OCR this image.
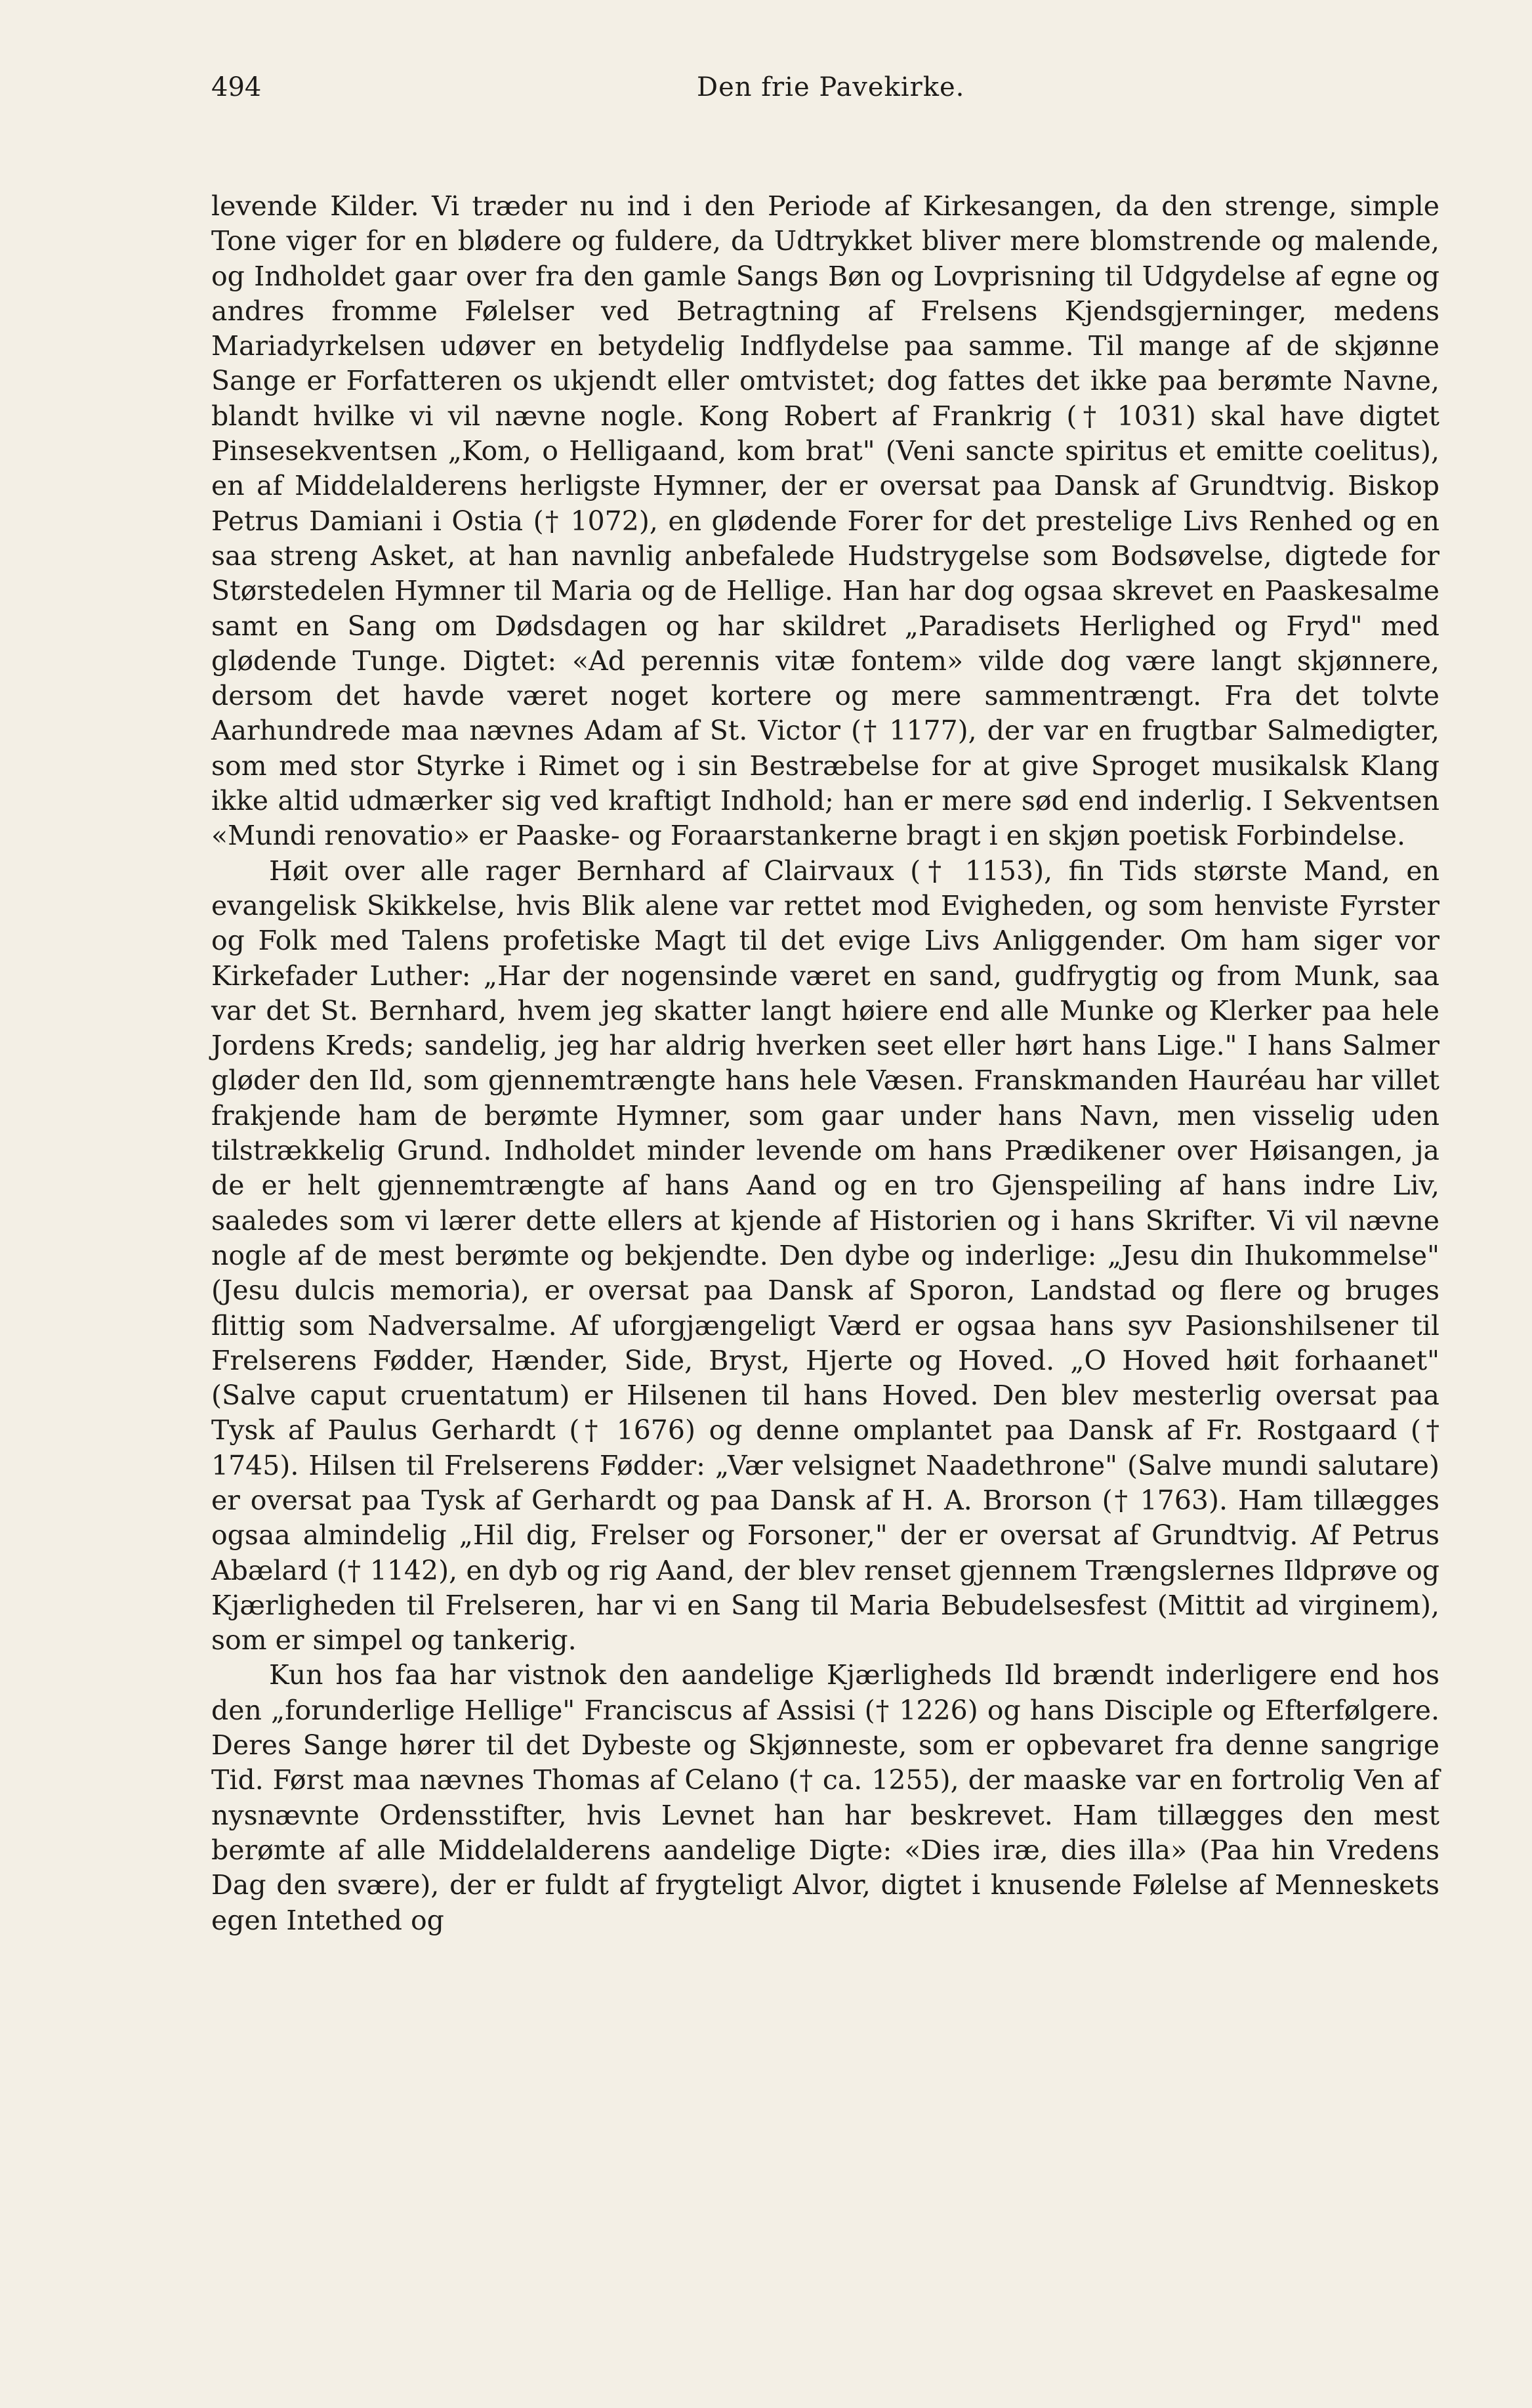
494	Den frie Pavekirke.

levende Kilder. Vi træder nu ind i den Periode af Kirkesangen, da den strenge, simple Tone viger for en blødere og fuldere, da Udtrykket bliver mere blomstrende og malende, og Indholdet gaar over fra den gamle Sangs Bøn og Lovprisning til Udgydelse af egne og andres fromme Følelser ved Betragtning af Frelsens Kjendsgjerninger, medens Mariadyrkelsen udøver en betydelig Indflydelse paa samme. Til mange af de skjønne Sange er Forfatteren os ukjendt eller omtvistet; dog fattes det ikke paa berømte Navne, blandt hvilke vi vil nævne nogle. Kong Robert af Frankrig († 1031) skal have digtet Pinsesekventsen „Kom, o Helligaand, kom brat" (Veni sancte spiritus et emitte coelitus), en af Middelalderens herligste Hymner, der er oversat paa Dansk af Grundtvig. Biskop Petrus Damiani i Ostia († 1072), en glødende Forer for det prestelige Livs Renhed og en saa streng Asket, at han navnlig anbefalede Hudstrygelse som Bodsøvelse, digtede for Størstedelen Hymner til Maria og de Hellige. Han har dog ogsaa skrevet en Paaskesalme samt en Sang om Dødsdagen og har skildret „Paradisets Herlighed og Fryd" med glødende Tunge. Digtet: «Ad perennis vitæ fontem» vilde dog være langt skjønnere, dersom det havde været noget kortere og mere sammentrængt. Fra det tolvte Aarhundrede maa nævnes Adam af St. Victor († 1177), der var en frugtbar Salmedigter, som med stor Styrke i Rimet og i sin Bestræbelse for at give Sproget musikalsk Klang ikke altid udmærker sig ved kraftigt Indhold; han er mere sød end inderlig. I Sekventsen «Mundi renovatio» er Paaske- og Foraarstankerne bragt i en skjøn poetisk Forbindelse.

Høit over alle rager Bernhard af Clairvaux († 1153), fin Tids største Mand, en evangelisk Skikkelse, hvis Blik alene var rettet mod Evigheden, og som henviste Fyrster og Folk med Talens profetiske Magt til det evige Livs Anliggender. Om ham siger vor Kirkefader Luther: „Har der nogensinde været en sand, gudfrygtig og from Munk, saa var det St. Bernhard, hvem jeg skatter langt høiere end alle Munke og Klerker paa hele Jordens Kreds; sandelig, jeg har aldrig hverken seet eller hørt hans Lige." I hans Salmer gløder den Ild, som gjennemtrængte hans hele Væsen. Franskmanden Hauréau har villet frakjende ham de berømte Hymner, som gaar under hans Navn, men visselig uden tilstrækkelig Grund. Indholdet minder levende om hans Prædikener over Høisangen, ja de er helt gjennemtrængte af hans Aand og en tro Gjenspeiling af hans indre Liv, saaledes som vi lærer dette ellers at kjende af Historien og i hans Skrifter. Vi vil nævne nogle af de mest berømte og bekjendte. Den dybe og inderlige: „Jesu din Ihukommelse" (Jesu dulcis memoria), er oversat paa Dansk af Sporon, Landstad og flere og bruges flittig som Nadversalme. Af uforgjængeligt Værd er ogsaa hans syv Pasionshilsener til Frelserens Fødder, Hænder, Side, Bryst, Hjerte og Hoved. „O Hoved høit forhaanet" (Salve caput cruentatum) er Hilsenen til hans Hoved. Den blev mesterlig oversat paa Tysk af Paulus Gerhardt († 1676) og denne omplantet paa Dansk af Fr. Rostgaard († 1745). Hilsen til Frelserens Fødder: „Vær velsignet Naadethrone" (Salve mundi salutare) er oversat paa Tysk af Gerhardt og paa Dansk af H. A. Brorson († 1763). Ham tillægges ogsaa almindelig „Hil dig, Frelser og Forsoner," der er oversat af Grundtvig. Af Petrus Abælard († 1142), en dyb og rig Aand, der blev renset gjennem Trængslernes Ildprøve og Kjærligheden til Frelseren, har vi en Sang til Maria Bebudelsesfest (Mittit ad virginem), som er simpel og tankerig.

Kun hos faa har vistnok den aandelige Kjærligheds Ild brændt inderligere end hos den „forunderlige Hellige" Franciscus af Assisi († 1226) og hans Disciple og Efterfølgere. Deres Sange hører til det Dybeste og Skjønneste, som er opbevaret fra denne sangrige Tid. Først maa nævnes Thomas af Celano († ca. 1255), der maaske var en fortrolig Ven af nysnævnte Ordensstifter, hvis Levnet han har beskrevet. Ham tillægges den mest berømte af alle Middelalderens aandelige Digte: «Dies iræ, dies illa» (Paa hin Vredens Dag den svære), der er fuldt af frygteligt Alvor, digtet i knusende Følelse af Menneskets egen Intethed og
